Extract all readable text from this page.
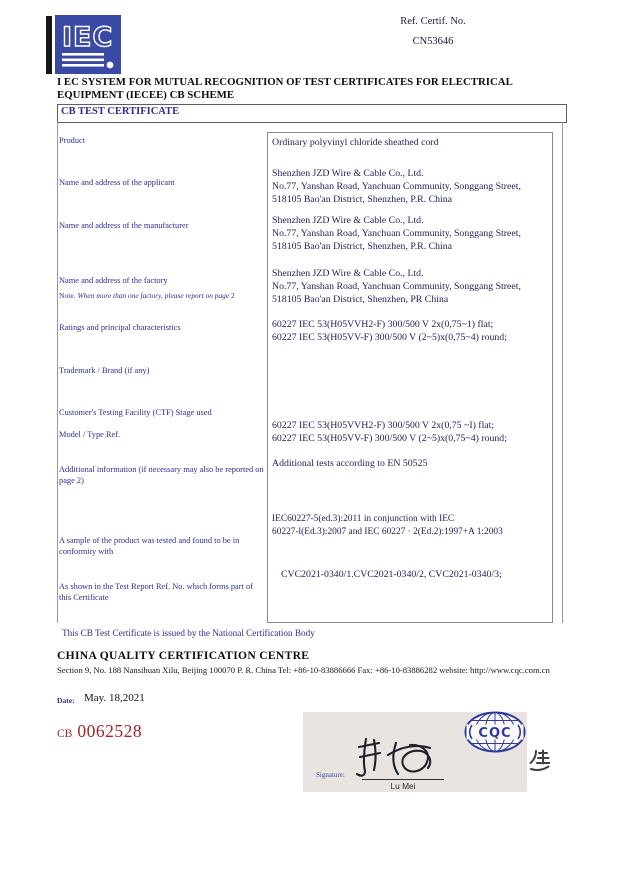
IEC
Ref. Certif. No.
CN53646
I EC SYSTEM FOR MUTUAL RECOGNITION OF TEST CERTIFICATES FOR ELECTRICAL EQUIPMENT (IECEE) CB SCHEME
CB TEST CERTIFICATE
Product
Name and address of the applicant
Name and address of the manufacturer
Name and address of the factory
Note. When more than one factory, please report on page 2
Ratings and principal characteristics
Trademark / Brand (if any)
Customer's Testing Facility (CTF) Stage used
Model / Type Ref.
Additional information (if necessary may also be reported on page 2)
A sample of the product was tested and found to be in conformity with
As shown in the Test Report Ref. No. which forms part of this Certificate
Ordinary polyvinyl chloride sheathed cord
Shenzhen JZD Wire & Cable Co., Ltd.
No.77, Yanshan Road, Yanchuan Community, Songgang Street,
518105 Bao'an District, Shenzhen, P.R. China
Shenzhen JZD Wire & Cable Co., Ltd.
No.77, Yanshan Road, Yanchuan Community, Songgang Street,
518105 Bao'an District, Shenzhen, P.R. China
Shenzhen JZD Wire & Cable Co., Ltd.
No.77, Yanshan Road, Yanchuan Community, Songgang Street,
518105 Bao'an District, Shenzhen, PR China
60227 IEC 53(H05VVH2-F) 300/500 V 2x(0,75~1) flat;
60227 IEC 53(H05VV-F) 300/500 V (2~5)x(0,75~4) round;
60227 IEC 53(H05VVH2-F) 300/500 V 2x(0,75 ~I) flat;
60227 IEC 53(H05VV-F) 300/500 V (2~5)x(0,75~4) round;
Additional tests according to EN 50525
IEC60227-5(ed.3):2011 in conjunction with IEC
60227-l(Ed.3):2007 and IEC 60227 · 2(Ed.2):1997+A 1:2003
CVC2021-0340/1.CVC2021-0340/2, CVC2021-0340/3;
This CB Test Certificate is issued by the National Certification Body
CHINA QUALITY CERTIFICATION CENTRE
Section 9, No. 188 Nansihuan Xilu, Beijing 100070 P. R. China Tel: +86-10-83886666 Fax: +86-10-83886282 website: http://www.cqc.com.cn
Date: May. 18,2021
CB 0062528
Signature:
Lu Mei
CQC
